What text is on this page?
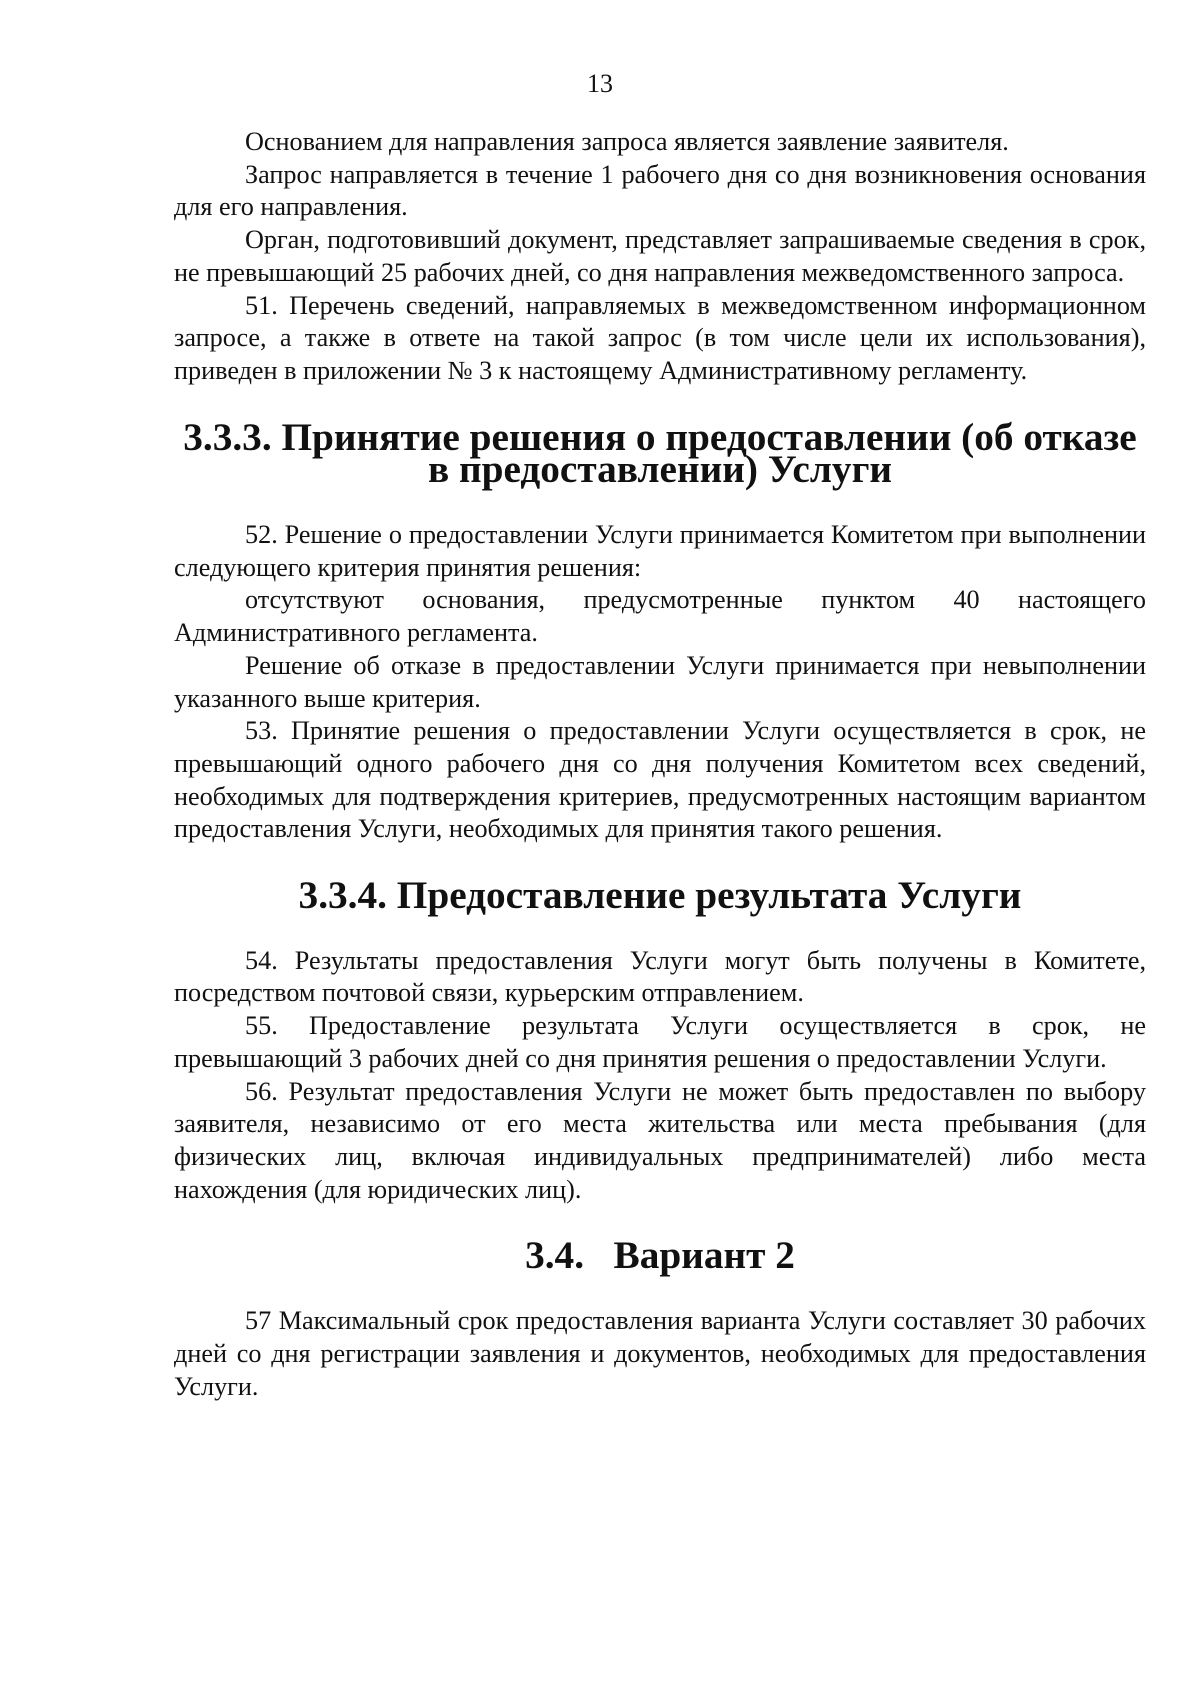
13

Основанием для направления запроса является заявление заявителя.

Запрос направляется в течение 1 рабочего дня со дня возникновения основания для его направления.

Орган, подготовивший документ, представляет запрашиваемые сведения в срок, не превышающий 25 рабочих дней, со дня направления межведомственного запроса.

51. Перечень сведений, направляемых в межведомственном информационном запросе, а также в ответе на такой запрос (в том числе цели их использования), приведен в приложении № 3 к настоящему Административному регламенту.

3.3.3. Принятие решения о предоставлении (об отказе в предоставлении) Услуги

52. Решение о предоставлении Услуги принимается Комитетом при выполнении следующего критерия принятия решения:

отсутствуют основания, предусмотренные пунктом 40 настоящего Административного регламента.

Решение об отказе в предоставлении Услуги принимается при невыполнении указанного выше критерия.

53. Принятие решения о предоставлении Услуги осуществляется в срок, не превышающий одного рабочего дня со дня получения Комитетом всех сведений, необходимых для подтверждения критериев, предусмотренных настоящим вариантом предоставления Услуги, необходимых для принятия такого решения.

3.3.4. Предоставление результата Услуги

54. Результаты предоставления Услуги могут быть получены в Комитете, посредством почтовой связи, курьерским отправлением.

55. Предоставление результата Услуги осуществляется в срок, не превышающий 3 рабочих дней со дня принятия решения о предоставлении Услуги.

56. Результат предоставления Услуги не может быть предоставлен по выбору заявителя, независимо от его места жительства или места пребывания (для физических лиц, включая индивидуальных предпринимателей) либо места нахождения (для юридических лиц).

3.4.   Вариант 2

57 Максимальный срок предоставления варианта Услуги составляет 30 рабочих дней со дня регистрации заявления и документов, необходимых для предоставления Услуги.
